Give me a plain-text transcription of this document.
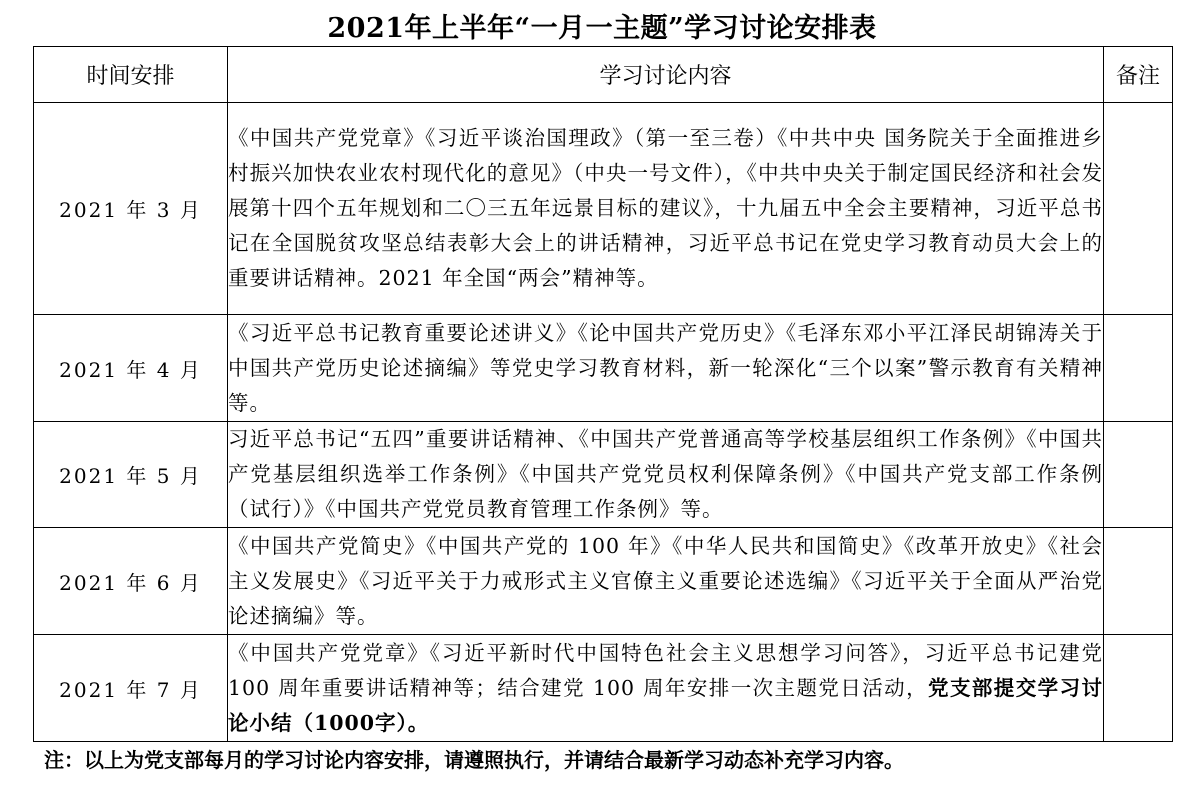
2021年上半年“一月一主题”学习讨论安排表
时间安排	学习讨论内容	备注
2021 年 3 月	《中国共产党党章》《习近平谈治国理政》（第一至三卷）《中共中央 国务院关于全面推进乡村振兴加快农业农村现代化的意见》（中央一号文件），《中共中央关于制定国民经济和社会发展第十四个五年规划和二〇三五年远景目标的建议》，十九届五中全会主要精神，习近平总书记在全国脱贫攻坚总结表彰大会上的讲话精神，习近平总书记在党史学习教育动员大会上的重要讲话精神。2021 年全国“两会”精神等。	
2021 年 4 月	《习近平总书记教育重要论述讲义》《论中国共产党历史》《毛泽东邓小平江泽民胡锦涛关于中国共产党历史论述摘编》等党史学习教育材料，新一轮深化“三个以案”警示教育有关精神等。	
2021 年 5 月	习近平总书记“五四”重要讲话精神、《中国共产党普通高等学校基层组织工作条例》《中国共产党基层组织选举工作条例》《中国共产党党员权利保障条例》《中国共产党支部工作条例（试行）》《中国共产党党员教育管理工作条例》等。	
2021 年 6 月	《中国共产党简史》《中国共产党的 100 年》《中华人民共和国简史》《改革开放史》《社会主义发展史》《习近平关于力戒形式主义官僚主义重要论述选编》《习近平关于全面从严治党论述摘编》等。	
2021 年 7 月	《中国共产党党章》《习近平新时代中国特色社会主义思想学习问答》，习近平总书记建党 100 周年重要讲话精神等；结合建党 100 周年安排一次主题党日活动，党支部提交学习讨论小结（1000字）。	
注：以上为党支部每月的学习讨论内容安排，请遵照执行，并请结合最新学习动态补充学习内容。
